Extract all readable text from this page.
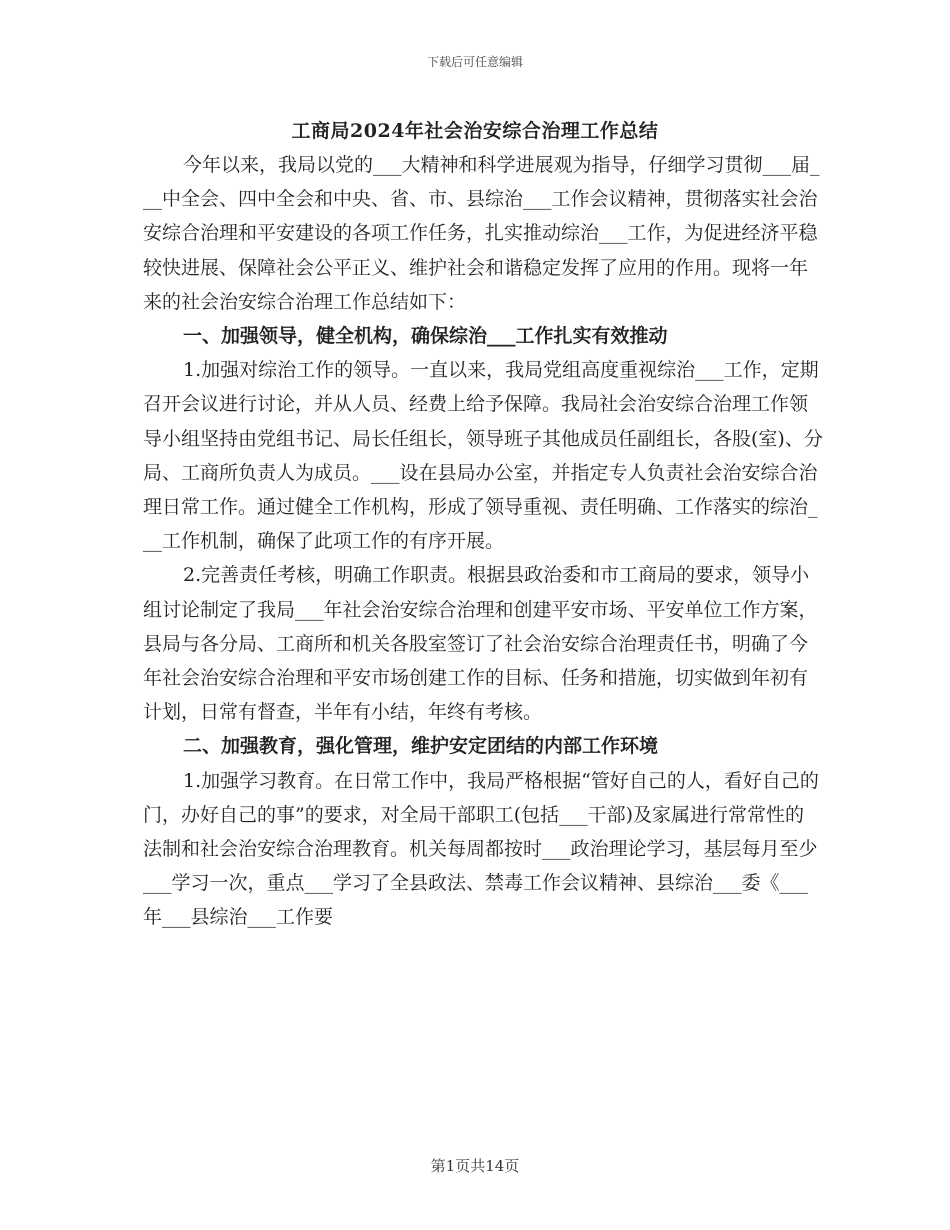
下载后可任意编辑
工商局2024年社会治安综合治理工作总结

今年以来，我局以党的___大精神和科学进展观为指导，仔细学习贯彻___届___中全会、四中全会和中央、省、市、县综治___工作会议精神，贯彻落实社会治安综合治理和平安建设的各项工作任务，扎实推动综治___工作，为促进经济平稳较快进展、保障社会公平正义、维护社会和谐稳定发挥了应用的作用。现将一年来的社会治安综合治理工作总结如下：

一、加强领导，健全机构，确保综治___工作扎实有效推动

1.加强对综治工作的领导。一直以来，我局党组高度重视综治___工作，定期召开会议进行讨论，并从人员、经费上给予保障。我局社会治安综合治理工作领导小组坚持由党组书记、局长任组长，领导班子其他成员任副组长，各股(室)、分局、工商所负责人为成员。___设在县局办公室，并指定专人负责社会治安综合治理日常工作。通过健全工作机构，形成了领导重视、责任明确、工作落实的综治___工作机制，确保了此项工作的有序开展。

2.完善责任考核，明确工作职责。根据县政治委和市工商局的要求，领导小组讨论制定了我局___年社会治安综合治理和创建平安市场、平安单位工作方案，县局与各分局、工商所和机关各股室签订了社会治安综合治理责任书，明确了今年社会治安综合治理和平安市场创建工作的目标、任务和措施，切实做到年初有计划，日常有督查，半年有小结，年终有考核。

二、加强教育，强化管理，维护安定团结的内部工作环境

1.加强学习教育。在日常工作中，我局严格根据“管好自己的人，看好自己的门，办好自己的事”的要求，对全局干部职工(包括___干部)及家属进行常常性的法制和社会治安综合治理教育。机关每周都按时___政治理论学习，基层每月至少___学习一次，重点___学习了全县政法、禁毒工作会议精神、县综治___委《___年___县综治___工作要

第1页共14页
